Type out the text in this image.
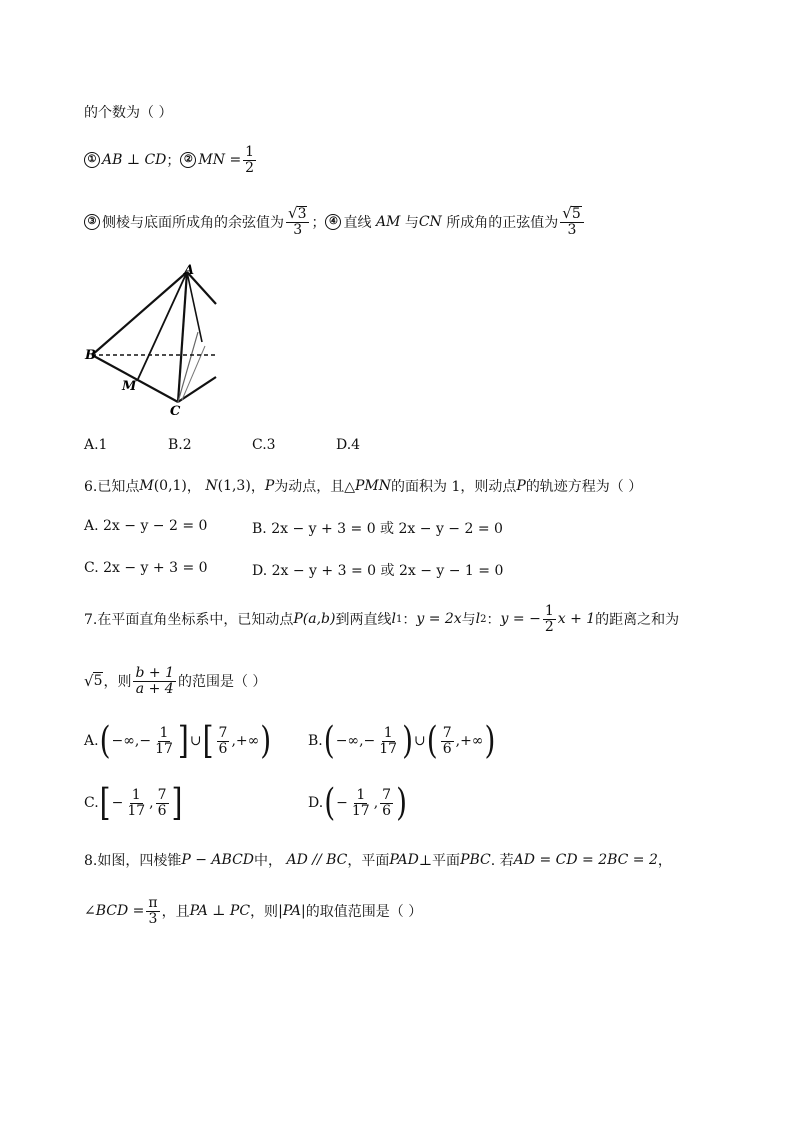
的个数为（ ）
① AB ⊥ CD ； ② MN = $\frac{1}{2}$
③ 侧棱与底面所成角的余弦值为 $\frac{√ 3}{3}$ ； ④ 直线
AM
与 CN
所成角的正弦值为 $\frac{√ 5}{3}$
A
B
M
C
A.1	B.2	C.3	D.4
6.已知点 M (0,1) ，
N (1,3) ， P 为动点，且△ PMN 的面积为 1，则动点 P 的轨迹方程为（ ）
A. 2x − y − 2 = 0	B. 2x − y + 3 = 0 或 2x − y − 2 = 0
C. 2x − y + 3 = 0	D. 2x − y + 3 = 0 或 2x − y − 1 = 0
7.在平面直角坐标系中，已知动点 P (a,b) 到两直线 l 1 ： y = 2x 与 l 2 ： y = − $\frac{1}{2}$ x + 1 的距离之和为
√ 5 ，则 $\frac{b + 1}{a + 4}$ 的范围是（ ）
A. ( −∞,− $\frac{1}{17}$ ] ∪ [ $\frac{7}{6}$ ,+∞ )	B. ( −∞,− $\frac{1}{17}$ ) ∪ ( $\frac{7}{6}$ ,+∞ )
C. [ − $\frac{1}{17}$ , $\frac{7}{6}$ ]	D. ( − $\frac{1}{17}$ , $\frac{7}{6}$ )
8.如图，四棱锥 P − ABCD 中，
AD // BC ，平面 PAD ⊥平面 PBC . 若 AD = CD = 2BC = 2 ，
∠BCD = $\frac{\pi}{3}$ ，且 PA ⊥ PC ，则 |PA| 的取值范围是（ ）
